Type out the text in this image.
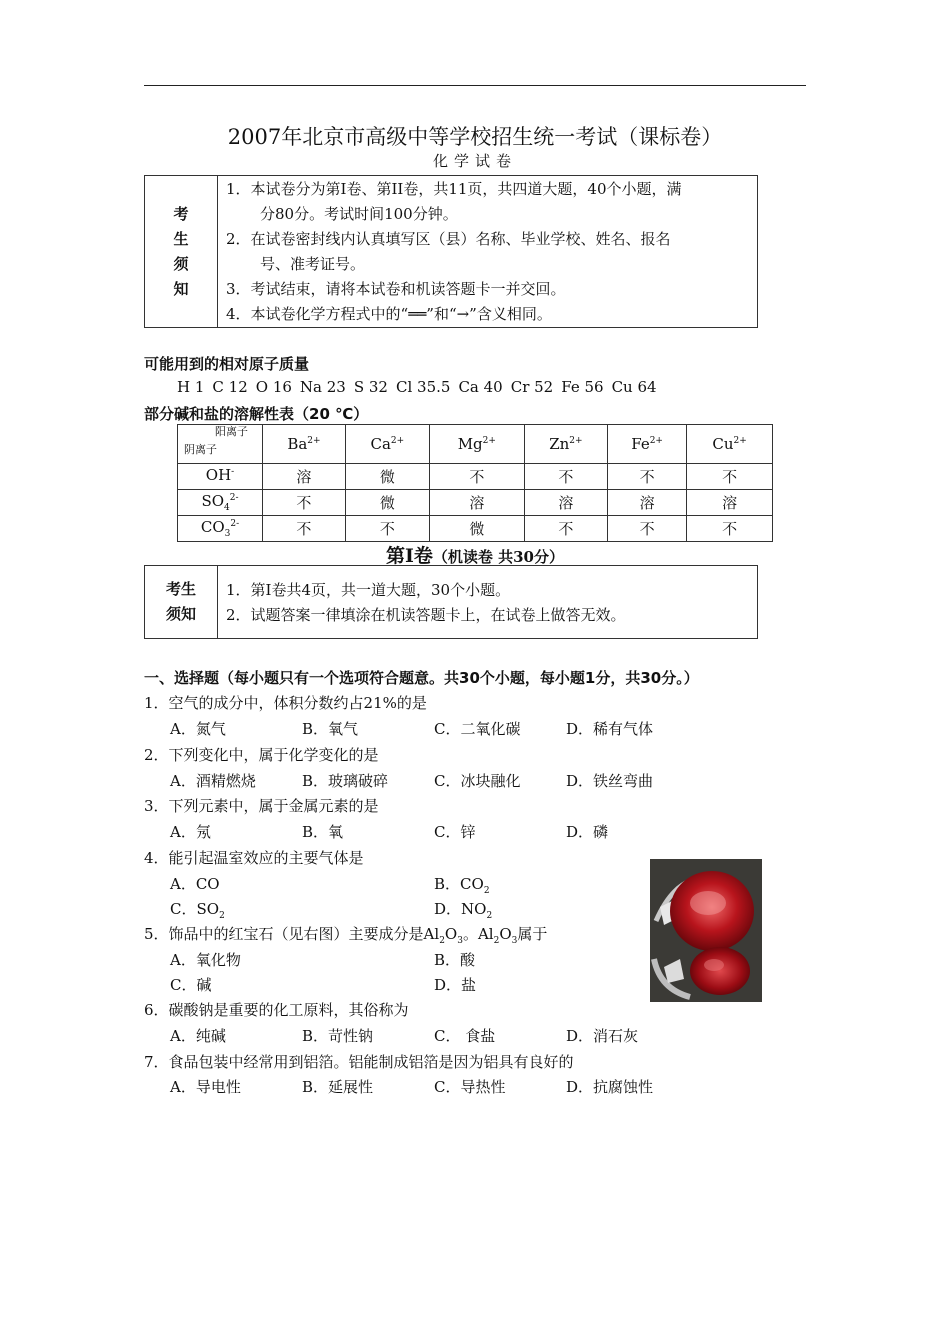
2007年北京市高级中等学校招生统一考试（课标卷）
化学试卷
考
生
须
知

1．本试卷分为第I卷、第II卷，共11页，共四道大题，40个小题，满

分80分。考试时间100分钟。

2．在试卷密封线内认真填写区（县）名称、毕业学校、姓名、报名

号、准考证号。

3．考试结束，请将本试卷和机读答题卡一并交回。

4．本试卷化学方程式中的“══”和“→”含义相同。

可能用到的相对原子质量
H 1 C 12 O 16 Na 23 S 32 Cl 35.5 Ca 40 Cr 52 Fe 56 Cu 64
部分碱和盐的溶解性表（20 ℃）
阳离子
阴离子	$Ba^{2+}$	$Ca^{2+}$	$Mg^{2+}$	$Zn^{2+}$	$Fe^{2+}$	$Cu^{2+}$
OH-	溶	微	不	不	不	不
$SO_4^{2-}$	不	微	溶	溶	溶	溶
$CO_3^{2-}$	不	不	微	不	不	不
第I卷（机读卷 共30分）
考生
须知

1．第I卷共4页，共一道大题，30个小题。

2．试题答案一律填涂在机读答题卡上，在试卷上做答无效。

一、选择题（每小题只有一个选项符合题意。共30个小题，每小题1分，共30分。）
1．空气的成分中，体积分数约占21%的是
A．氮气	B．氧气	C．二氧化碳	D．稀有气体
2．下列变化中，属于化学变化的是
A．酒精燃烧	B．玻璃破碎	C．冰块融化	D．铁丝弯曲
3．下列元素中，属于金属元素的是
A．氖	B．氧	C．锌	D．磷
4．能引起温室效应的主要气体是
A．CO	B．$CO_2$
C．$SO_2$	D．$NO_2$
5．饰品中的红宝石（见右图）主要成分是$Al_2O_3$。$Al_2O_3$属于
A．氧化物	B．酸
C．碱	D．盐
6．碳酸钠是重要的化工原料，其俗称为
A．纯碱	B．苛性钠	C． 食盐	D．消石灰
7．食品包装中经常用到铝箔。铝能制成铝箔是因为铝具有良好的
A．导电性	B．延展性	C．导热性	D．抗腐蚀性
